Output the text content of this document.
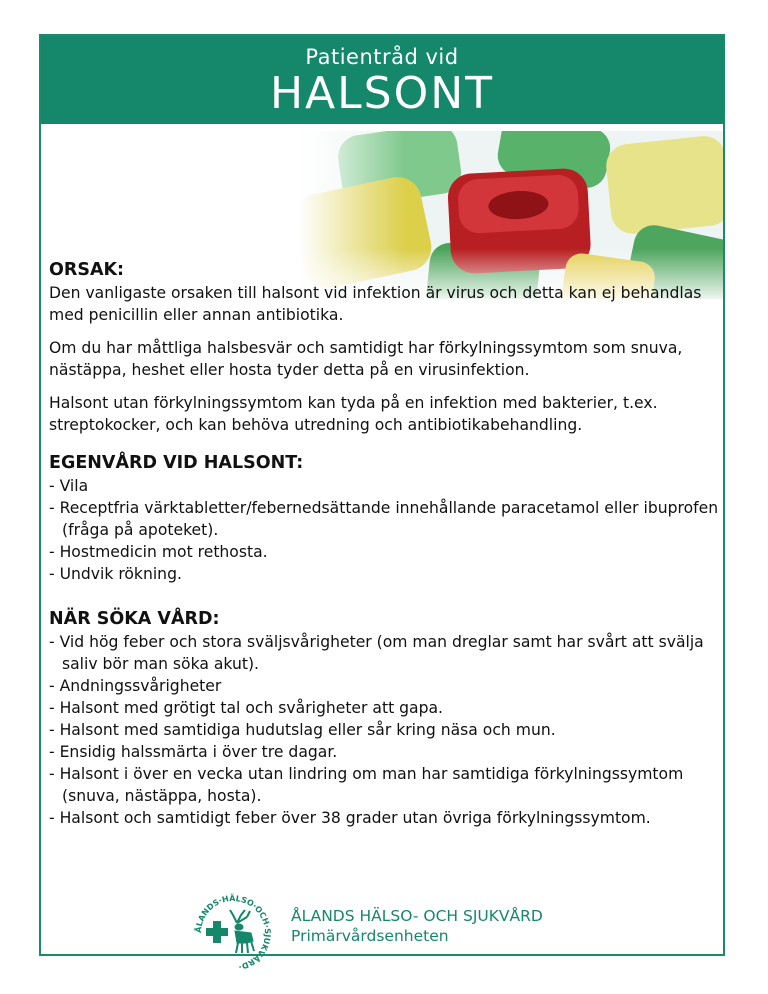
Patientråd vid
HALSONT
ORSAK:

Den vanligaste orsaken till halsont vid infektion är virus och detta kan ej behandlas med penicillin eller annan antibiotika.

Om du har måttliga halsbesvär och samtidigt har förkylningssymtom som snuva, nästäppa, heshet eller hosta tyder detta på en virusinfektion.

Halsont utan förkylningssymtom kan tyda på en infektion med bakterier, t.ex. streptokocker, och kan behöva utredning och antibiotikabehandling.

EGENVÅRD VID HALSONT:
- Vila
- Receptfria värktabletter/febernedsättande innehållande paracetamol eller ibuprofen (fråga på apoteket).
- Hostmedicin mot rethosta.
- Undvik rökning.
NÄR SÖKA VÅRD:
- Vid hög feber och stora sväljsvårigheter (om man dreglar samt har svårt att svälja saliv bör man söka akut).
- Andningssvårigheter
- Halsont med grötigt tal och svårigheter att gapa.
- Halsont med samtidiga hudutslag eller sår kring näsa och mun.
- Ensidig halssmärta i över tre dagar.
- Halsont i över en vecka utan lindring om man har samtidiga förkylningssymtom (snuva, nästäppa, hosta).
- Halsont och samtidigt feber över 38 grader utan övriga förkylningssymtom.
ÅLANDS·HÄLSO·OCH·SJUKVÅRD·
ÅLANDS HÄLSO- OCH SJUKVÅRD
Primärvårdsenheten
